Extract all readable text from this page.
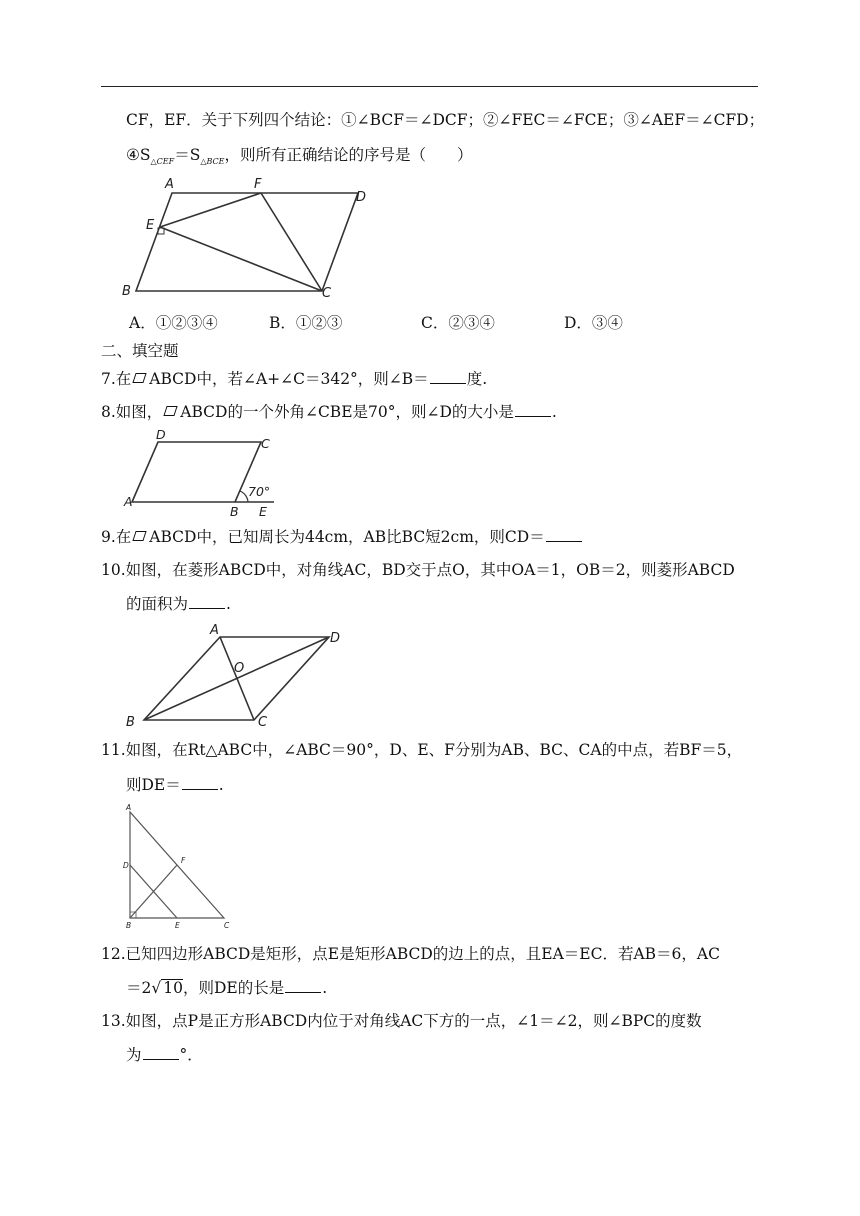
CF，EF．关于下列四个结论：①∠BCF＝∠DCF；②∠FEC＝∠FCE；③∠AEF＝∠CFD；
$④S_{\triangle CEF}=S_{\triangle BCE}$，则所有正确结论的序号是（　　）
A	F
D
E
B	C
A．①②③④	B．①②③	C．②③④	D．③④
二、填空题
7.在 ABCD中，若∠A+∠C＝342°，则∠B＝ 度.
8.如图， ABCD的一个外角∠CBE是70°，则∠D的大小是 .
D
C
A
B E
70°
9.在 ABCD中，已知周长为44cm，AB比BC短2cm，则CD＝
10.如图，在菱形ABCD中，对角线AC，BD交于点O，其中OA＝1，OB＝2，则菱形ABCD
的面积为 .
A
D
O
B	C
11.如图，在Rt△ABC中，∠ABC＝90°，D、E、F分别为AB、BC、CA的中点，若BF＝5，
则DE＝ .
A
D
F
B	E	C
12.已知四边形ABCD是矩形，点E是矩形ABCD的边上的点，且EA＝EC．若AB＝6，AC
＝2√ 10，则DE的长是 .
13.如图，点P是正方形ABCD内位于对角线AC下方的一点，∠1＝∠2，则∠BPC的度数
为 °．
